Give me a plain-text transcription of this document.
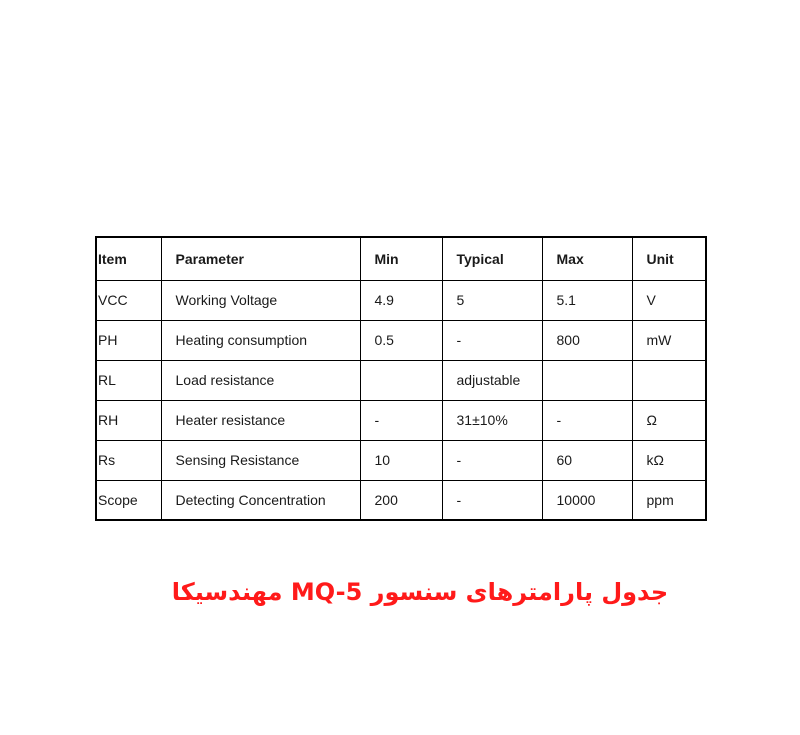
Item	Parameter	Min	Typical	Max	Unit
VCC	Working Voltage	4.9	5	5.1	V
PH	Heating consumption	0.5	-	800	mW
RL	Load resistance		adjustable		
RH	Heater resistance	-	31±10%	-	Ω
Rs	Sensing Resistance	10	-	60	kΩ
Scope	Detecting Concentration	200	-	10000	ppm
جدول پارامترهای سنسور MQ-5 مهندسیکا
